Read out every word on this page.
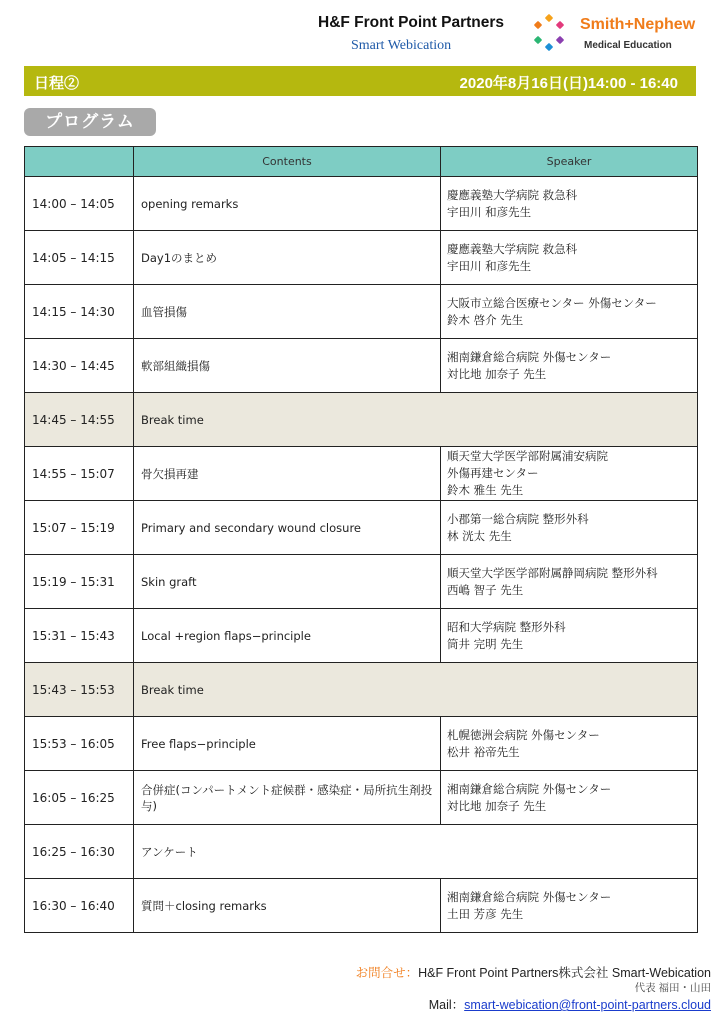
H&F Front Point Partners
Smart Webication
Smith+Nephew
Medical Education
日程②	2020年8月16日(日)14:00 - 16:40
プログラム
	Contents	Speaker
14:00 – 14:05	opening remarks	慶應義塾大学病院 救急科
宇田川 和彦先生
14:05 – 14:15	Day1のまとめ	慶應義塾大学病院 救急科
宇田川 和彦先生
14:15 – 14:30	血管損傷	大阪市立総合医療センター 外傷センター
鈴木 啓介 先生
14:30 – 14:45	軟部組織損傷	湘南鎌倉総合病院 外傷センター
対比地 加奈子 先生
14:45 – 14:55	Break time	
14:55 – 15:07	骨欠損再建	順天堂大学医学部附属浦安病院
外傷再建センター
鈴木 雅生 先生
15:07 – 15:19	Primary and secondary wound closure	小郡第一総合病院 整形外科
林 洸太 先生
15:19 – 15:31	Skin graft	順天堂大学医学部附属静岡病院 整形外科
西嶋 智子 先生
15:31 – 15:43	Local +region flaps−principle	昭和大学病院 整形外科
筒井 完明 先生
15:43 – 15:53	Break time	
15:53 – 16:05	Free flaps−principle	札幌徳洲会病院 外傷センター
松井 裕帝先生
16:05 – 16:25	合併症(コンパートメント症候群・感染症・局所抗生剤投与)	湘南鎌倉総合病院 外傷センター
対比地 加奈子 先生
16:25 – 16:30	アンケート	
16:30 – 16:40	質問＋closing remarks	湘南鎌倉総合病院 外傷センター
土田 芳彦 先生
お問合せ：H&F Front Point Partners株式会社 Smart-Webication
代表 福田・山田
Mail：smart-webication@front-point-partners.cloud
